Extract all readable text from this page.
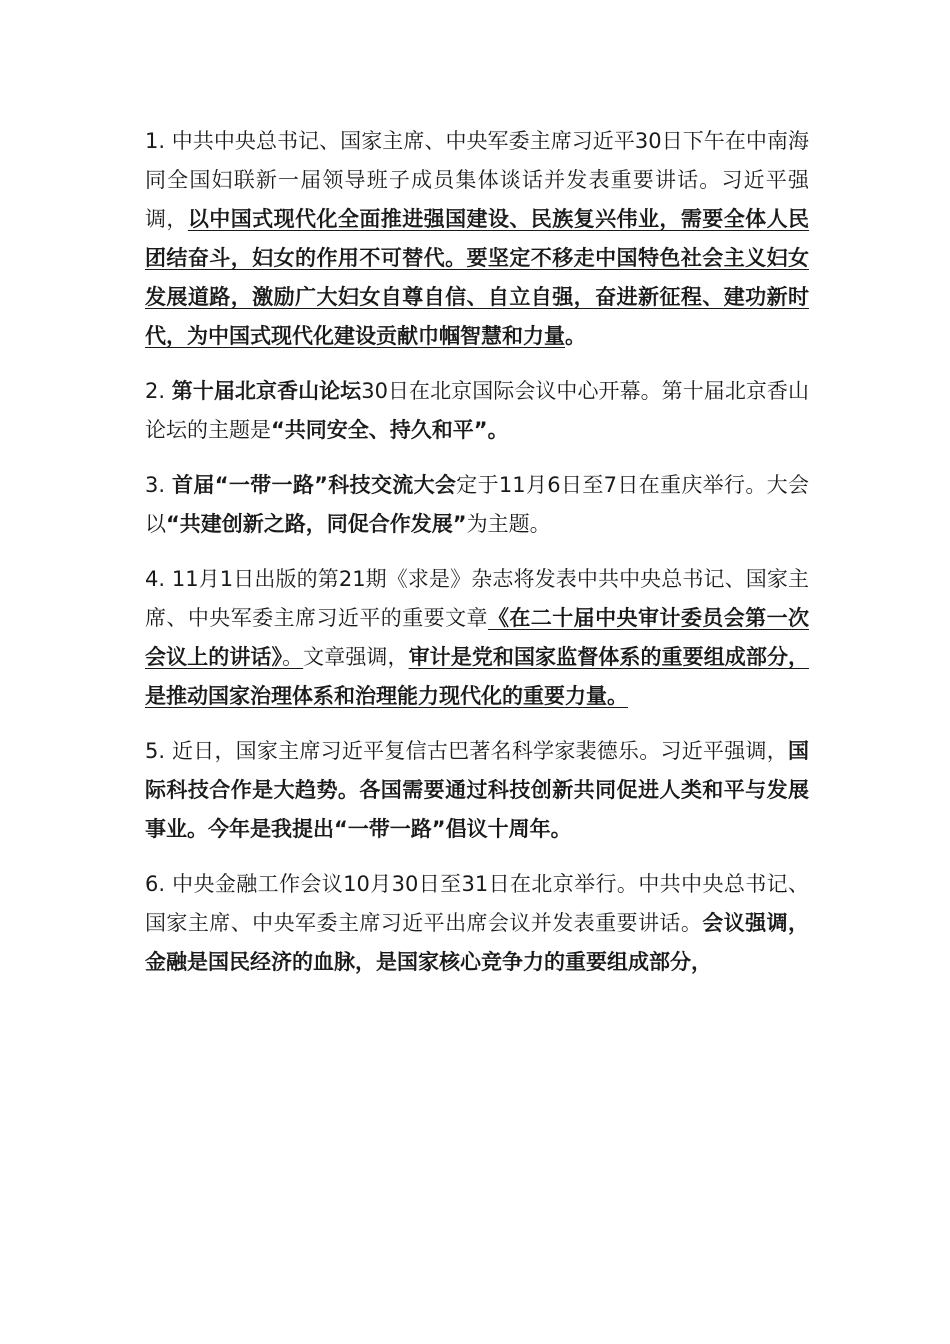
1. 中共中央总书记、国家主席、中央军委主席习近平30日下午在中南海同全国妇联新一届领导班子成员集体谈话并发表重要讲话。习近平强调，以中国式现代化全面推进强国建设、民族复兴伟业，需要全体人民团结奋斗，妇女的作用不可替代。要坚定不移走中国特色社会主义妇女发展道路，激励广大妇女自尊自信、自立自强，奋进新征程、建功新时代，为中国式现代化建设贡献巾帼智慧和力量。

2. 第十届北京香山论坛30日在北京国际会议中心开幕。第十届北京香山论坛的主题是“共同安全、持久和平”。

3. 首届“一带一路”科技交流大会定于11月6日至7日在重庆举行。大会以“共建创新之路，同促合作发展”为主题。

4. 11月1日出版的第21期《求是》杂志将发表中共中央总书记、国家主席、中央军委主席习近平的重要文章《在二十届中央审计委员会第一次会议上的讲话》。文章强调，审计是党和国家监督体系的重要组成部分，是推动国家治理体系和治理能力现代化的重要力量。

5. 近日，国家主席习近平复信古巴著名科学家裴德乐。习近平强调，国际科技合作是大趋势。各国需要通过科技创新共同促进人类和平与发展事业。今年是我提出“一带一路”倡议十周年。

6. 中央金融工作会议10月30日至31日在北京举行。中共中央总书记、国家主席、中央军委主席习近平出席会议并发表重要讲话。会议强调，金融是国民经济的血脉，是国家核心竞争力的重要组成部分，
